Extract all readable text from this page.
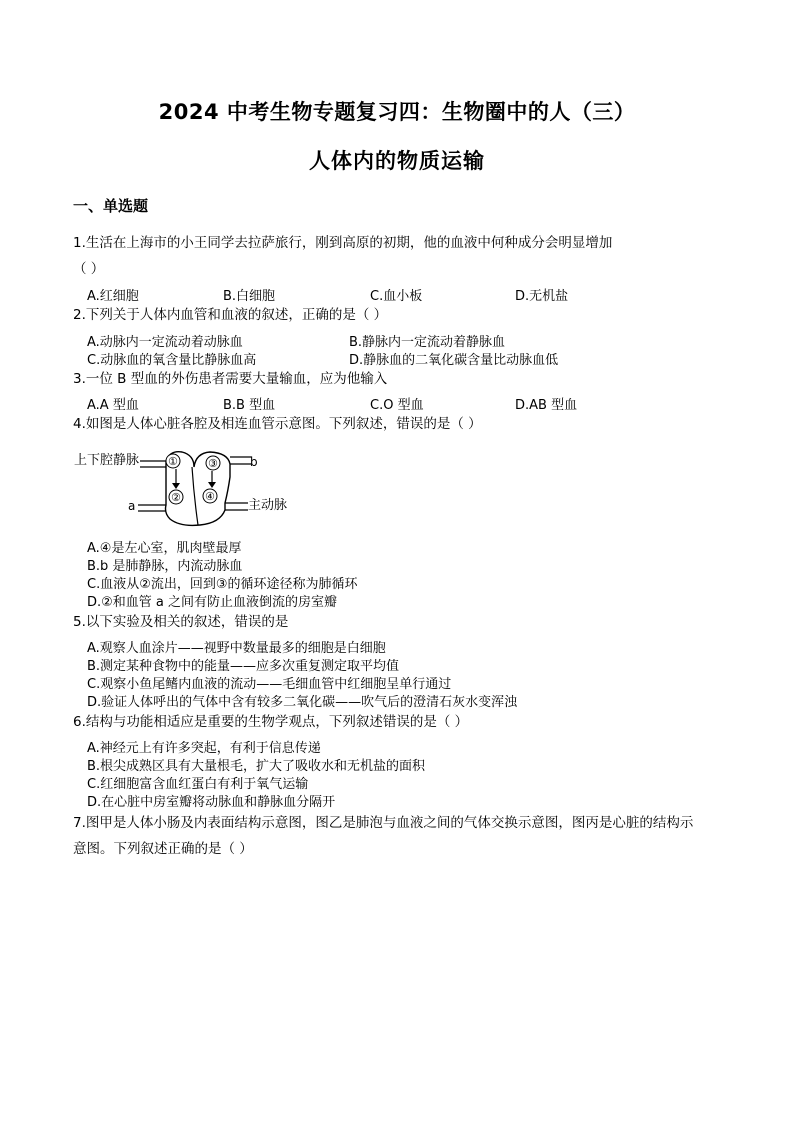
2024 中考生物专题复习四：生物圈中的人（三）
人体内的物质运输
一、单选题
1.生活在上海市的小王同学去拉萨旅行，刚到高原的初期，他的血液中何种成分会明显增加
（ ）
A.红细胞	B.白细胞	C.血小板	D.无机盐
2.下列关于人体内血管和血液的叙述，正确的是（ ）
A.动脉内一定流动着动脉血	B.静脉内一定流动着静脉血
C.动脉血的氧含量比静脉血高	D.静脉血的二氧化碳含量比动脉血低
3.一位 B 型血的外伤患者需要大量输血，应为他输入
A.A 型血	B.B 型血	C.O 型血	D.AB 型血
4.如图是人体心脏各腔及相连血管示意图。下列叙述，错误的是（ ）
上下腔静脉	b
a	主动脉
①
②
③
④
A.④是左心室，肌肉壁最厚
B.b 是肺静脉，内流动脉血
C.血液从②流出，回到③的循环途径称为肺循环
D.②和血管 a 之间有防止血液倒流的房室瓣
5.以下实验及相关的叙述，错误的是
A.观察人血涂片——视野中数量最多的细胞是白细胞
B.测定某种食物中的能量——应多次重复测定取平均值
C.观察小鱼尾鳍内血液的流动——毛细血管中红细胞呈单行通过
D.验证人体呼出的气体中含有较多二氧化碳——吹气后的澄清石灰水变浑浊
6.结构与功能相适应是重要的生物学观点，下列叙述错误的是（ ）
A.神经元上有许多突起，有利于信息传递
B.根尖成熟区具有大量根毛，扩大了吸收水和无机盐的面积
C.红细胞富含血红蛋白有利于氧气运输
D.在心脏中房室瓣将动脉血和静脉血分隔开
7.图甲是人体小肠及内表面结构示意图，图乙是肺泡与血液之间的气体交换示意图，图丙是心脏的结构示
意图。下列叙述正确的是（ ）
